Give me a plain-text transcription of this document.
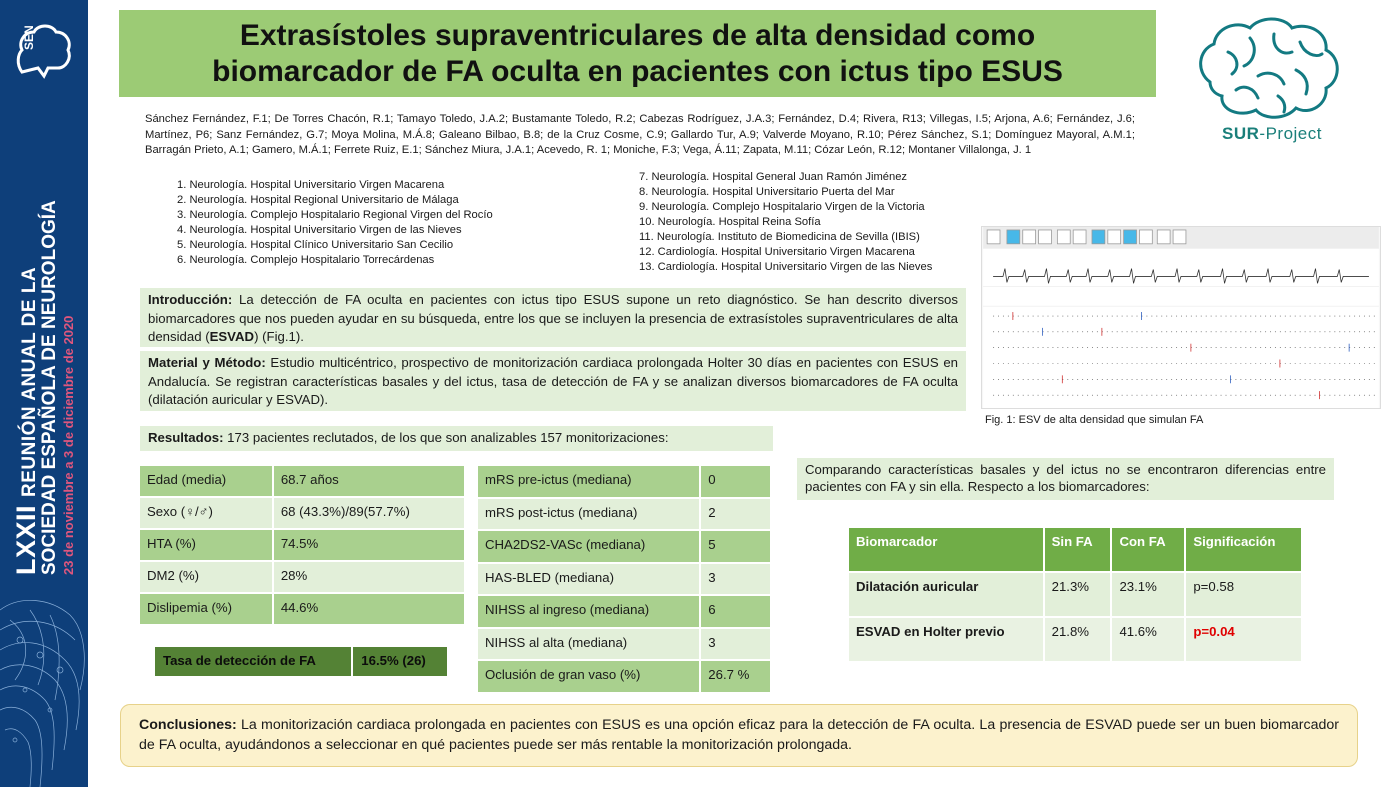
SEN
LXXII REUNIÓN ANUAL DE LA SOCIEDAD ESPAÑOLA DE NEUROLOGÍA 23 de noviembre a 3 de diciembre de 2020
Extrasístoles supraventriculares de alta densidad como
biomarcador de FA oculta en pacientes con ictus tipo ESUS
SUR-Project
Sánchez Fernández, F.1; De Torres Chacón, R.1; Tamayo Toledo, J.A.2; Bustamante Toledo, R.2; Cabezas Rodríguez, J.A.3; Fernández, D.4; Rivera, R13; Villegas, I.5; Arjona, A.6; Fernández, J.6; Martínez, P6; Sanz Fernández, G.7; Moya Molina, M.Á.8; Galeano Bilbao, B.8; de la Cruz Cosme, C.9; Gallardo Tur, A.9; Valverde Moyano, R.10; Pérez Sánchez, S.1; Domínguez Mayoral, A.M.1; Barragán Prieto, A.1; Gamero, M.Á.1; Ferrete Ruiz, E.1; Sánchez Miura, J.A.1; Acevedo, R. 1; Moniche, F.3; Vega, Á.11; Zapata, M.11; Cózar León, R.12; Montaner Villalonga, J. 1
1. Neurología. Hospital Universitario Virgen Macarena
2. Neurología. Hospital Regional Universitario de Málaga
3. Neurología. Complejo Hospitalario Regional Virgen del Rocío
4. Neurología. Hospital Universitario Virgen de las Nieves
5. Neurología. Hospital Clínico Universitario San Cecilio
6. Neurología. Complejo Hospitalario Torrecárdenas
7. Neurología. Hospital General Juan Ramón Jiménez
8. Neurología. Hospital Universitario Puerta del Mar
9. Neurología. Complejo Hospitalario Virgen de la Victoria
10. Neurología. Hospital Reina Sofía
11. Neurología. Instituto de Biomedicina de Sevilla (IBIS)
12. Cardiología. Hospital Universitario Virgen Macarena
13. Cardiología. Hospital Universitario Virgen de las Nieves
Fig. 1: ESV de alta densidad que simulan FA
Introducción: La detección de FA oculta en pacientes con ictus tipo ESUS supone un reto diagnóstico. Se han descrito diversos biomarcadores que nos pueden ayudar en su búsqueda, entre los que se incluyen la presencia de extrasístoles supraventriculares de alta densidad (ESVAD) (Fig.1).
Material y Método: Estudio multicéntrico, prospectivo de monitorización cardiaca prolongada Holter 30 días en pacientes con ESUS en Andalucía. Se registran características basales y del ictus, tasa de detección de FA y se analizan diversos biomarcadores de FA oculta (dilatación auricular y ESVAD).
Resultados: 173 pacientes reclutados, de los que son analizables 157 monitorizaciones:
Edad (media)	68.7 años
Sexo (♀/♂)	68 (43.3%)/89(57.7%)
HTA (%)	74.5%
DM2 (%)	28%
Dislipemia (%)	44.6%
Tasa de detección de FA	16.5% (26)
mRS pre-ictus (mediana)	0
mRS post-ictus (mediana)	2
CHA2DS2-VASc (mediana)	5
HAS-BLED (mediana)	3
NIHSS al ingreso (mediana)	6
NIHSS al alta (mediana)	3
Oclusión de gran vaso (%)	26.7 %
Comparando características basales y del ictus no se encontraron diferencias entre pacientes con FA y sin ella. Respecto a los biomarcadores:
Biomarcador	Sin FA	Con FA	Significación
Dilatación auricular	21.3%	23.1%	p=0.58
ESVAD en Holter previo	21.8%	41.6%	p=0.04
Conclusiones: La monitorización cardiaca prolongada en pacientes con ESUS es una opción eficaz para la detección de FA oculta. La presencia de ESVAD puede ser un buen biomarcador de FA oculta, ayudándonos a seleccionar en qué pacientes puede ser más rentable la monitorización prolongada.
